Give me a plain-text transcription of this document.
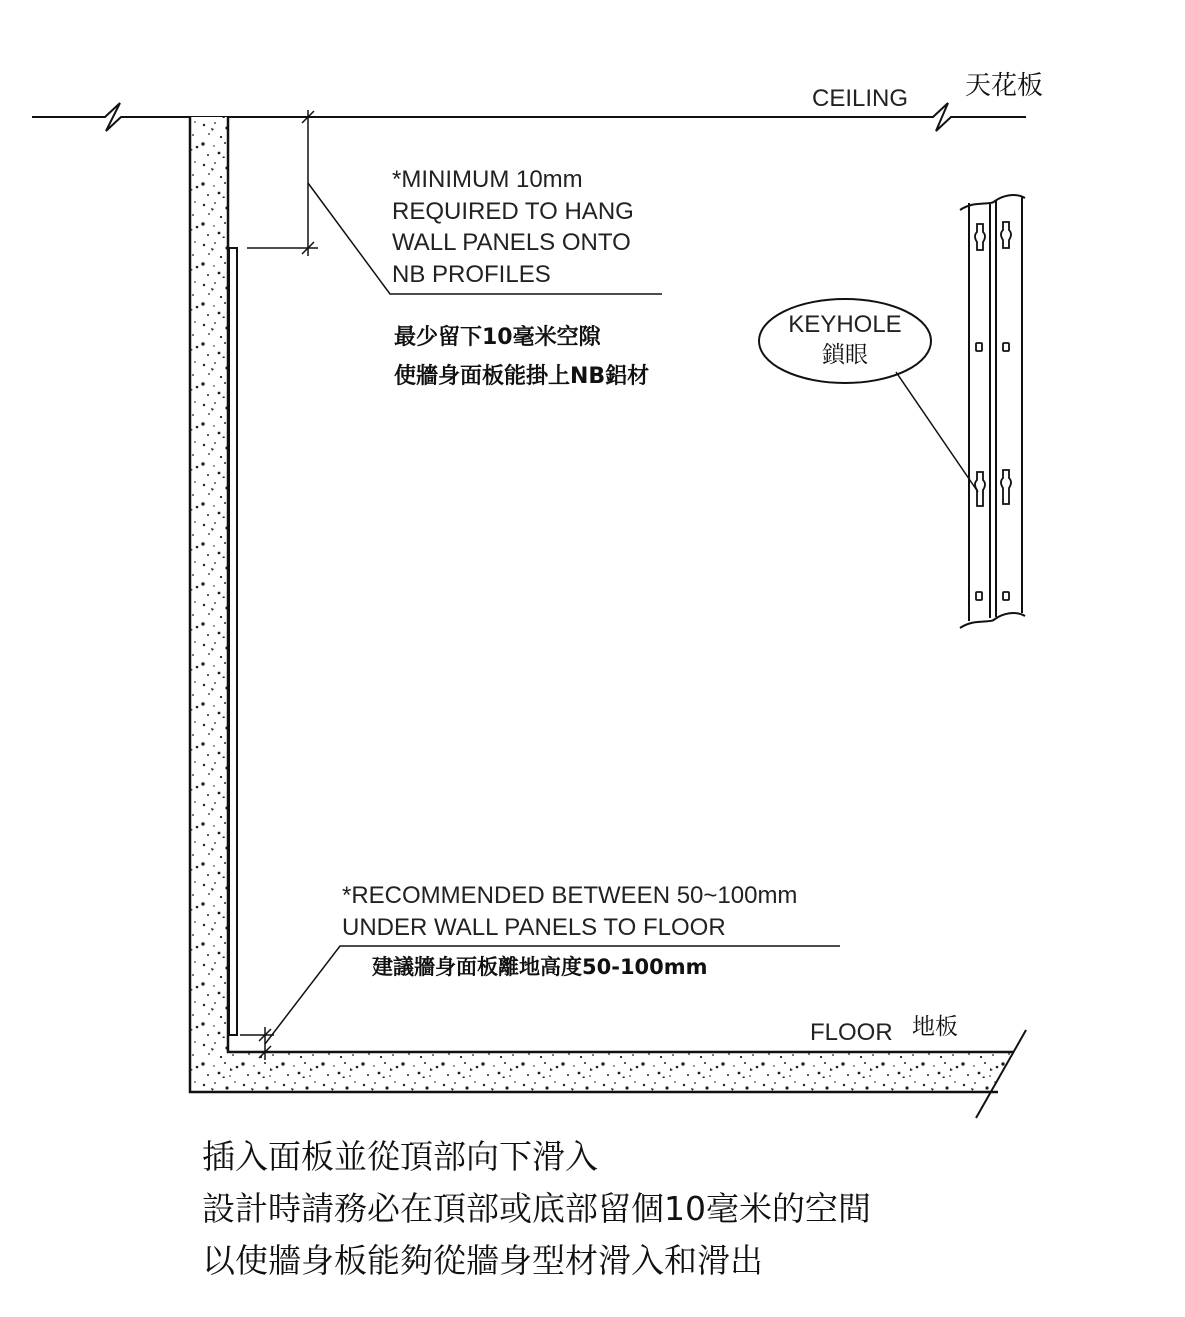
CEILING 天花板
*MINIMUM 10mm
REQUIRED TO HANG
WALL PANELS ONTO
NB PROFILES
最少留下10毫米空隙
使牆身面板能掛上NB鋁材
KEYHOLE
鎖眼
*RECOMMENDED BETWEEN 50~100mm
UNDER WALL PANELS TO FLOOR
建議牆身面板離地高度50-100mm
FLOOR 地板
插入面板並從頂部向下滑入
設計時請務必在頂部或底部留個10毫米的空間
以使牆身板能夠從牆身型材滑入和滑出
